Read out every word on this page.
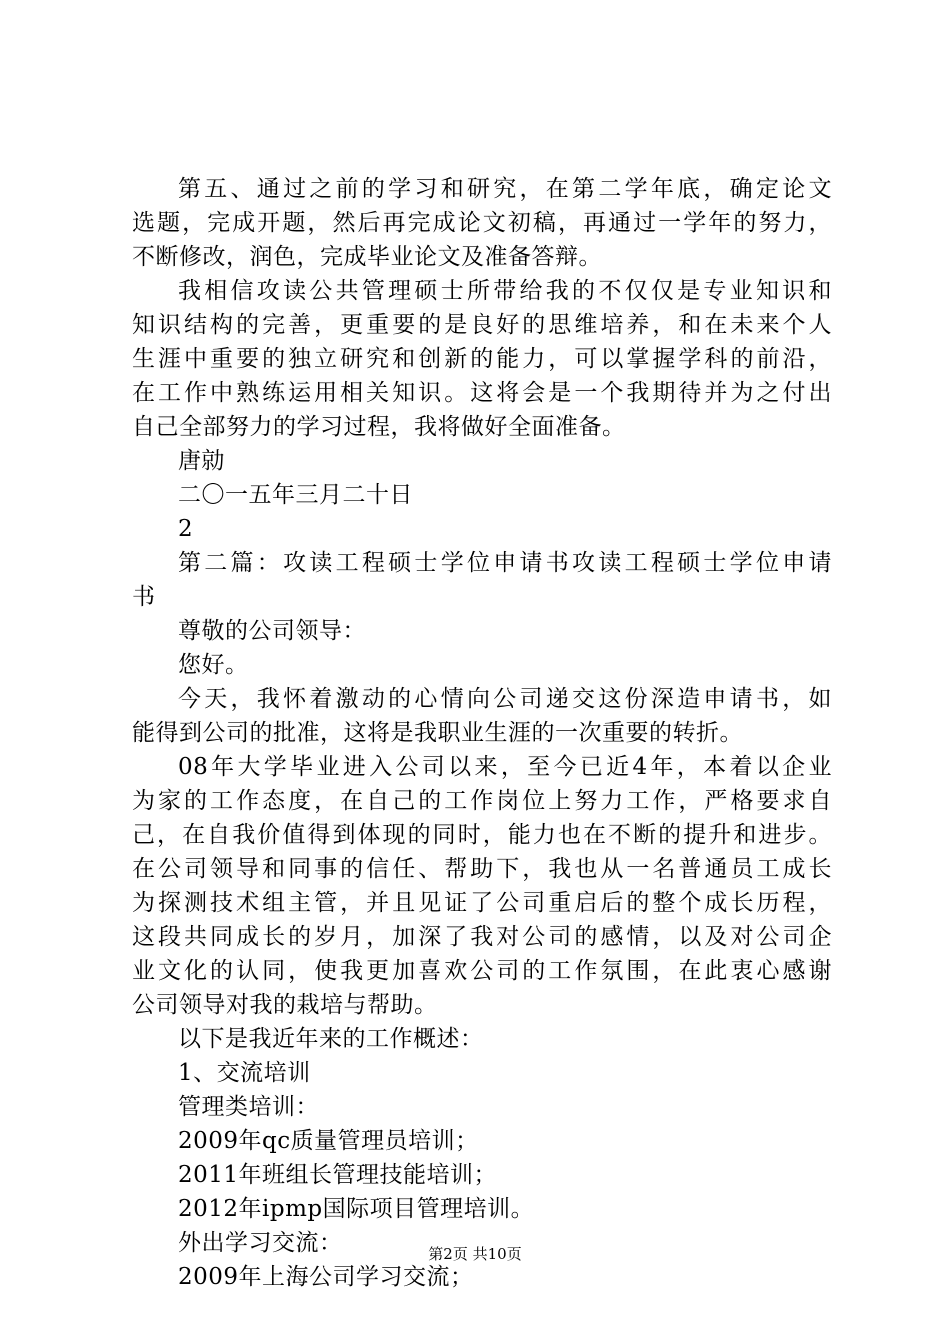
第五、通过之前的学习和研究，在第二学年底，确定论文
选题，完成开题，然后再完成论文初稿，再通过一学年的努力，
不断修改，润色，完成毕业论文及准备答辩。
我相信攻读公共管理硕士所带给我的不仅仅是专业知识和
知识结构的完善，更重要的是良好的思维培养，和在未来个人
生涯中重要的独立研究和创新的能力，可以掌握学科的前沿，
在工作中熟练运用相关知识。这将会是一个我期待并为之付出
自己全部努力的学习过程，我将做好全面准备。
唐勍
二〇一五年三月二十日
2
第二篇：攻读工程硕士学位申请书攻读工程硕士学位申请
书
尊敬的公司领导：
您好。
今天，我怀着激动的心情向公司递交这份深造申请书，如
能得到公司的批准，这将是我职业生涯的一次重要的转折。
08年大学毕业进入公司以来，至今已近4年，本着以企业
为家的工作态度，在自己的工作岗位上努力工作，严格要求自
己，在自我价值得到体现的同时，能力也在不断的提升和进步。
在公司领导和同事的信任、帮助下，我也从一名普通员工成长
为探测技术组主管，并且见证了公司重启后的整个成长历程，
这段共同成长的岁月，加深了我对公司的感情，以及对公司企
业文化的认同，使我更加喜欢公司的工作氛围，在此衷心感谢
公司领导对我的栽培与帮助。
以下是我近年来的工作概述：
1、交流培训
管理类培训：
2009年qc质量管理员培训；
2011年班组长管理技能培训；
2012年ipmp国际项目管理培训。
外出学习交流：
2009年上海公司学习交流；
第2页 共10页
